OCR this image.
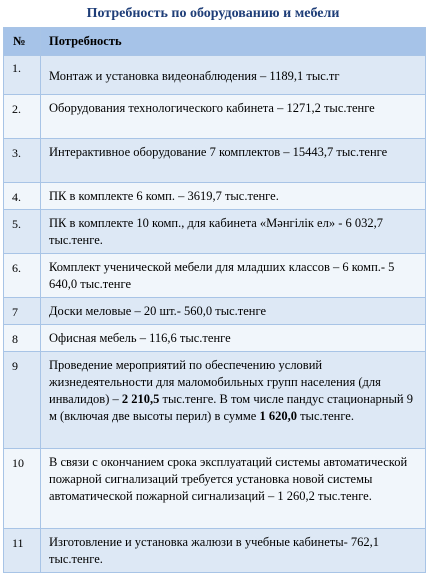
Потребность по оборудованию и мебели
№	Потребность
1.	Монтаж и установка видеонаблюдения – 1189,1 тыс.тг
2.	Оборудования технологического кабинета – 1271,2 тыс.тенге
3.	Интерактивное оборудование 7 комплектов – 15443,7 тыс.тенге
4.	ПК в комплекте 6 комп. – 3619,7 тыс.тенге.
5.	ПК в комплекте 10 комп., для кабинета «Мәнгілік ел» - 6 032,7 тыс.тенге.
6.	Комплект ученической мебели для младших классов – 6 комп.- 5 640,0 тыс.тенге
7	Доски меловые – 20 шт.- 560,0 тыс.тенге
8	Офисная мебель – 116,6 тыс.тенге
9	Проведение мероприятий по обеспечению условий жизнедеятельности для маломобильных групп населения (для инвалидов) – 2 210,5 тыс.тенге. В том числе пандус стационарный 9 м (включая две высоты перил) в сумме 1 620,0 тыс.тенге.
10	В связи с окончанием срока эксплуатаций системы автоматической пожарной сигнализаций требуется установка новой системы автоматической пожарной сигнализаций – 1 260,2 тыс.тенге.
11	Изготовление и установка жалюзи в учебные кабинеты- 762,1 тыс.тенге.
